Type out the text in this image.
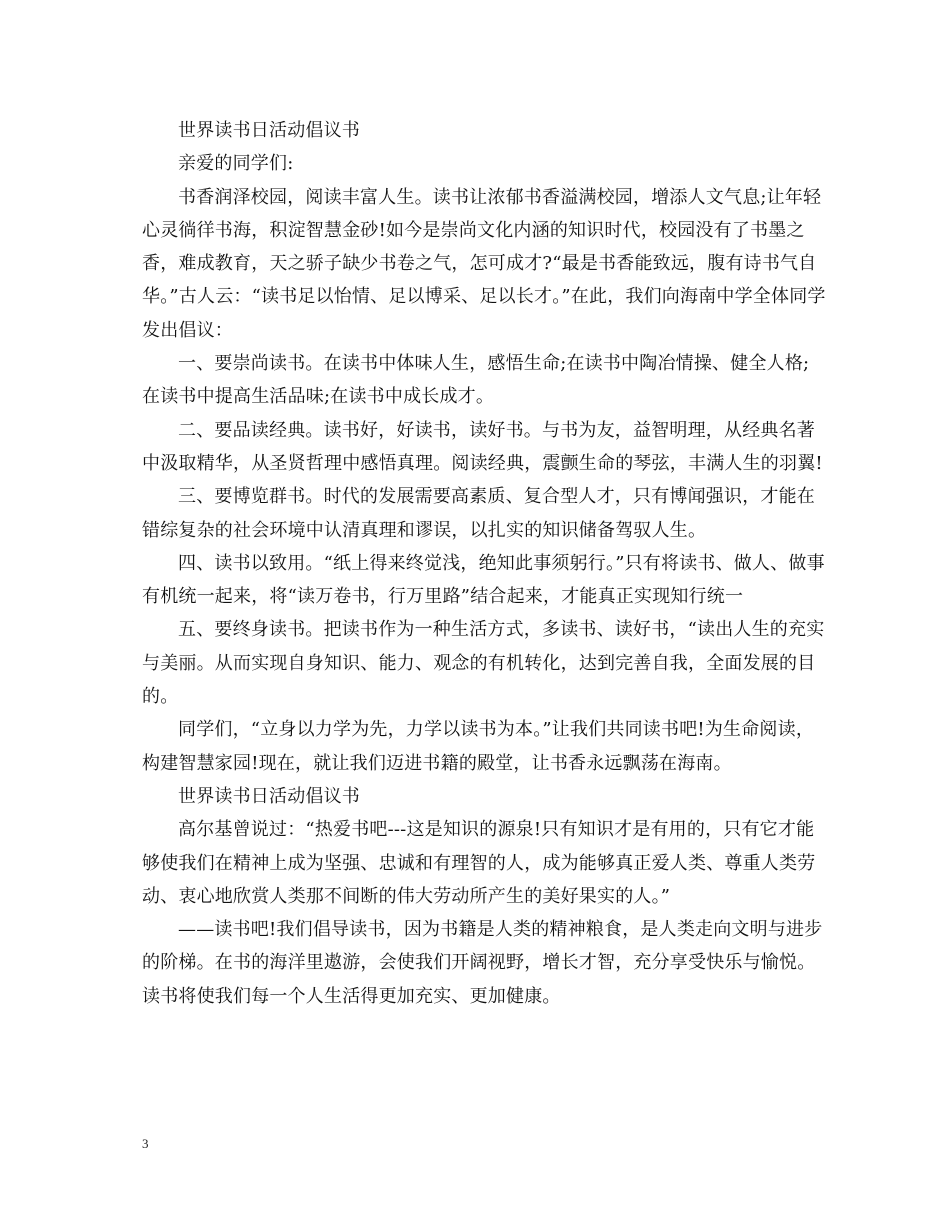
世界读书日活动倡议书

亲爱的同学们:

书香润泽校园，阅读丰富人生。读书让浓郁书香溢满校园，增添人文气息;让年轻心灵徜徉书海，积淀智慧金砂!如今是崇尚文化内涵的知识时代，校园没有了书墨之香，难成教育，天之骄子缺少书卷之气，怎可成才?“最是书香能致远，腹有诗书气自华。”古人云：“读书足以怡情、足以博采、足以长才。”在此，我们向海南中学全体同学发出倡议：

一、要崇尚读书。在读书中体味人生，感悟生命;在读书中陶冶情操、健全人格;在读书中提高生活品味;在读书中成长成才。

二、要品读经典。读书好，好读书，读好书。与书为友，益智明理，从经典名著中汲取精华，从圣贤哲理中感悟真理。阅读经典，震颤生命的琴弦，丰满人生的羽翼!

三、要博览群书。时代的发展需要高素质、复合型人才，只有博闻强识，才能在错综复杂的社会环境中认清真理和谬误，以扎实的知识储备驾驭人生。

四、读书以致用。“纸上得来终觉浅，绝知此事须躬行。”只有将读书、做人、做事有机统一起来，将“读万卷书，行万里路”结合起来，才能真正实现知行统一

五、要终身读书。把读书作为一种生活方式，多读书、读好书，“读出人生的充实与美丽。从而实现自身知识、能力、观念的有机转化，达到完善自我，全面发展的目的。

同学们，“立身以力学为先，力学以读书为本。”让我们共同读书吧!为生命阅读，构建智慧家园!现在，就让我们迈进书籍的殿堂，让书香永远飘荡在海南。

世界读书日活动倡议书

高尔基曾说过：“热爱书吧---这是知识的源泉!只有知识才是有用的，只有它才能够使我们在精神上成为坚强、忠诚和有理智的人，成为能够真正爱人类、尊重人类劳动、衷心地欣赏人类那不间断的伟大劳动所产生的美好果实的人。”

——读书吧!我们倡导读书，因为书籍是人类的精神粮食，是人类走向文明与进步的阶梯。在书的海洋里遨游，会使我们开阔视野，增长才智，充分享受快乐与愉悦。读书将使我们每一个人生活得更加充实、更加健康。

3
